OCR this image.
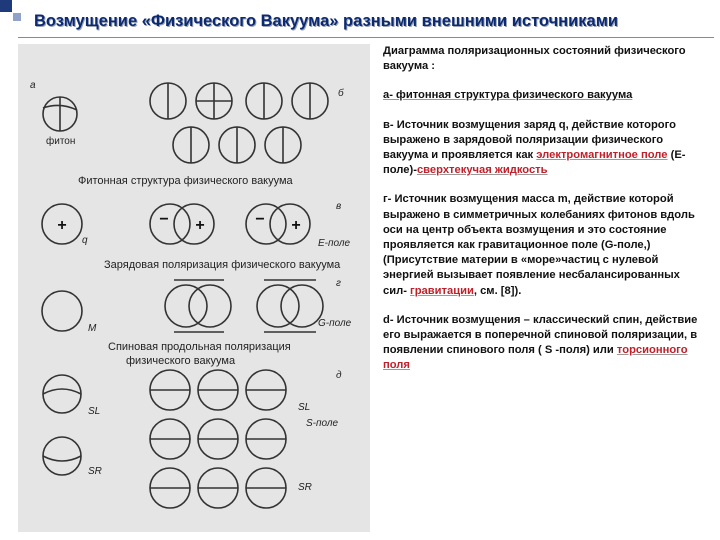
Возмущение «Физического Вакуума» разными внешними источниками
а
фитон
б
Фитонная структура физического вакуума
в
q	E-поле
Зарядовая поляризация физического вакуума
г
M	G-поле
Спиновая продольная поляризация
физического вакуума
д
SL	SL
S-поле
SR
SR
+	− +	− +

Диаграмма поляризационных состояний физического вакуума :

а- фитонная структура физического вакуума

в- Источник возмущения заряд q, действие которого выражено в зарядовой поляризации физического вакуума и проявляется как электромагнитное поле (Е-поле)-сверхтекучая жидкость

г- Источник возмущения масса m, действие которой выражено в симметричных колебаниях фитонов вдоль оси на центр объекта возмущения и это состояние проявляется как гравитационное поле (G-поле,) (Присутствие материи в «море»частиц с нулевой энергией вызывает появление несбалансированных сил- гравитации, см. [8]).

d- Источник возмущения – классический спин, действие его выражается в поперечной спиновой поляризации, в появлении спинового поля ( S -поля) или торсионного поля
